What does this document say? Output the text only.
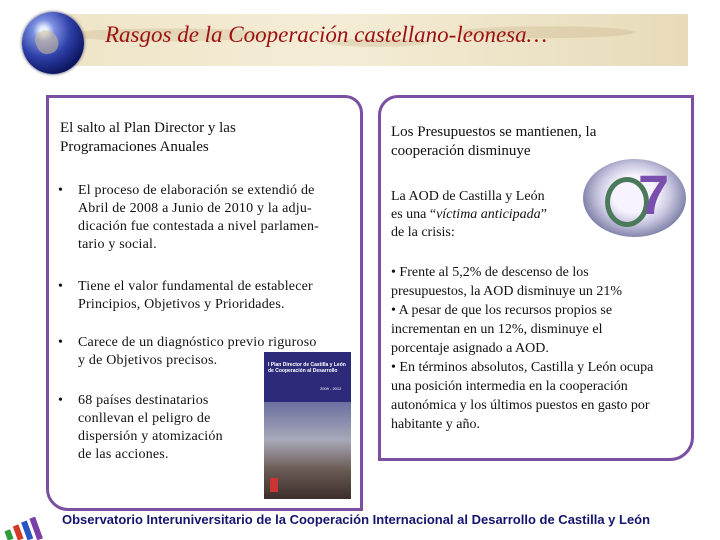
Rasgos de la Cooperación castellano-leonesa…
El salto al Plan Director y las
Programaciones Anuales
• El proceso de elaboración se extendió de
Abril de 2008 a Junio de 2010 y la adju-
dicación fue contestada a nivel parlamen-
tario y social.
• Tiene el valor fundamental de establecer
Principios, Objetivos y Prioridades.
• Carece de un diagnóstico previo riguroso
y de Objetivos precisos.
• 68 países destinatarios
conllevan el peligro de
dispersión y atomización
de las acciones.
I Plan Director de Castilla y León
de Cooperación al Desarrollo
2009 - 2012
Los Presupuestos se mantienen, la
cooperación disminuye
7
La AOD de Castilla y León
es una “víctima anticipada”
de la crisis:
• Frente al 5,2% de descenso de los
presupuestos, la AOD disminuye un 21%
• A pesar de que los recursos propios se
incrementan en un 12%, disminuye el
porcentaje asignado a AOD.
• En términos absolutos, Castilla y León ocupa
una posición intermedia en la cooperación
autonómica y los últimos puestos en gasto por
habitante y año.
Observatorio Interuniversitario de la Cooperación Internacional al Desarrollo de Castilla y León
